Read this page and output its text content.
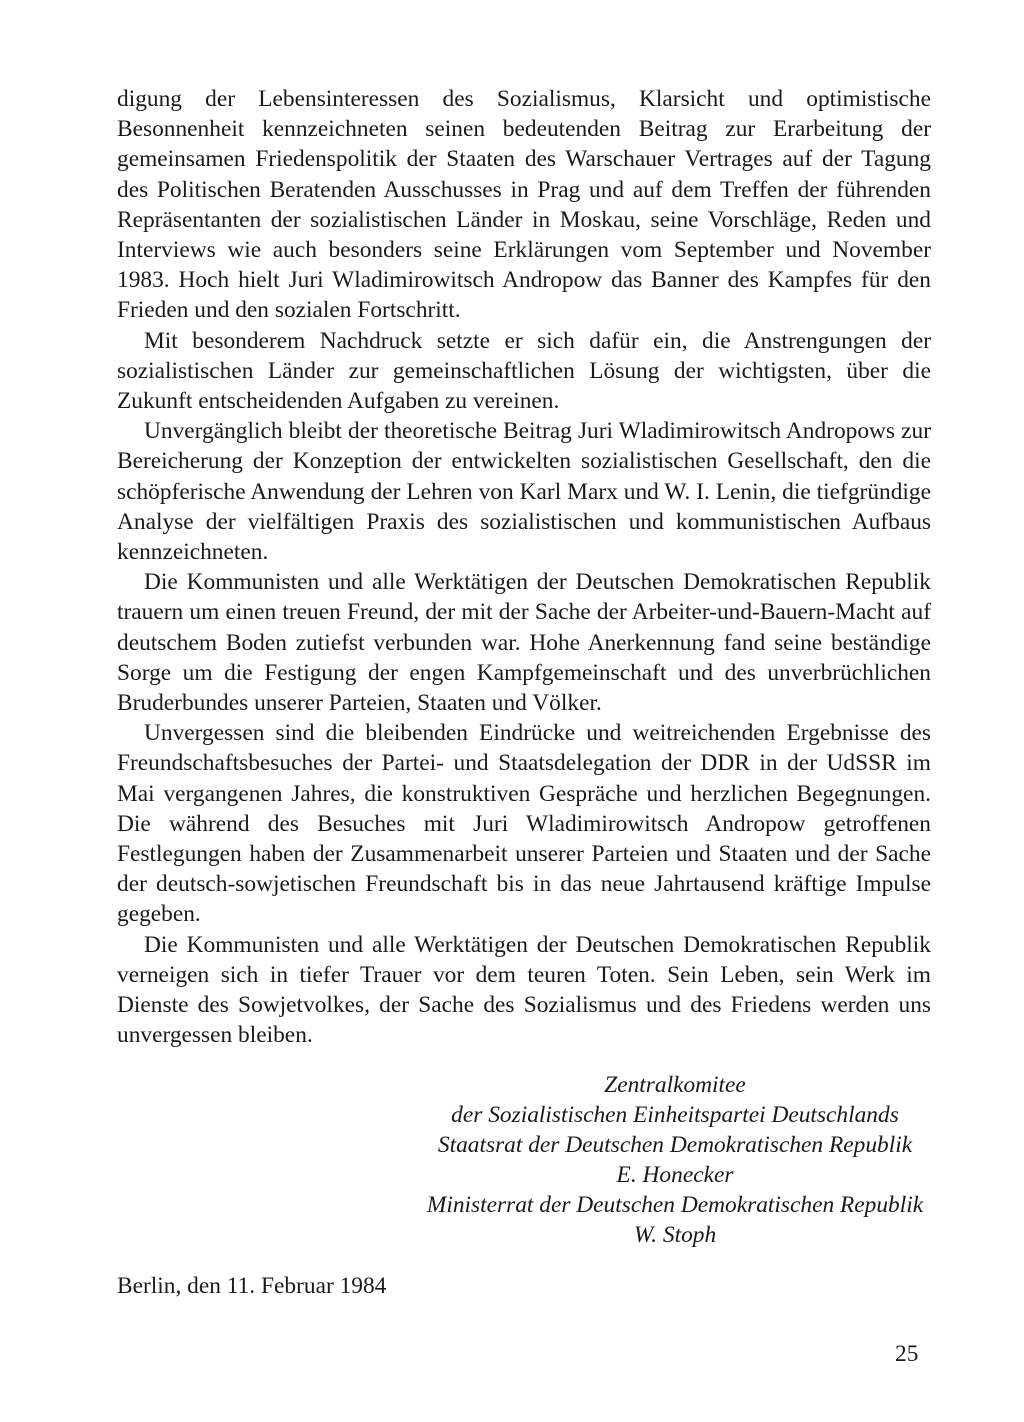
digung der Lebensinteressen des Sozialismus, Klarsicht und optimistische Besonnenheit kennzeichneten seinen bedeutenden Beitrag zur Erarbeitung der gemeinsamen Friedenspolitik der Staaten des Warschauer Vertrages auf der Tagung des Politischen Beratenden Ausschusses in Prag und auf dem Treffen der führenden Repräsentanten der sozialistischen Länder in Moskau, seine Vorschläge, Reden und Interviews wie auch besonders seine Erklärungen vom September und November 1983. Hoch hielt Juri Wladimirowitsch Andropow das Banner des Kampfes für den Frieden und den sozialen Fortschritt.

Mit besonderem Nachdruck setzte er sich dafür ein, die Anstrengungen der sozialistischen Länder zur gemeinschaftlichen Lösung der wichtigsten, über die Zukunft entscheidenden Aufgaben zu vereinen.

Unvergänglich bleibt der theoretische Beitrag Juri Wladimirowitsch Andropows zur Bereicherung der Konzeption der entwickelten sozialistischen Gesellschaft, den die schöpferische Anwendung der Lehren von Karl Marx und W. I. Lenin, die tiefgründige Analyse der vielfältigen Praxis des sozialistischen und kommunistischen Aufbaus kennzeichneten.

Die Kommunisten und alle Werktätigen der Deutschen Demokratischen Republik trauern um einen treuen Freund, der mit der Sache der Arbeiter-und-Bauern-Macht auf deutschem Boden zutiefst verbunden war. Hohe Anerkennung fand seine beständige Sorge um die Festigung der engen Kampfgemeinschaft und des unverbrüchlichen Bruderbundes unserer Parteien, Staaten und Völker.

Unvergessen sind die bleibenden Eindrücke und weitreichenden Ergebnisse des Freundschaftsbesuches der Partei- und Staatsdelegation der DDR in der UdSSR im Mai vergangenen Jahres, die konstruktiven Gespräche und herzlichen Begegnungen. Die während des Besuches mit Juri Wladimirowitsch Andropow getroffenen Festlegungen haben der Zusammenarbeit unserer Parteien und Staaten und der Sache der deutsch-sowjetischen Freundschaft bis in das neue Jahrtausend kräftige Impulse gegeben.

Die Kommunisten und alle Werktätigen der Deutschen Demokratischen Republik verneigen sich in tiefer Trauer vor dem teuren Toten. Sein Leben, sein Werk im Dienste des Sowjetvolkes, der Sache des Sozialismus und des Friedens werden uns unvergessen bleiben.

Zentralkomitee
der Sozialistischen Einheitspartei Deutschlands
Staatsrat der Deutschen Demokratischen Republik
E. Honecker
Ministerrat der Deutschen Demokratischen Republik
W. Stoph
Berlin, den 11. Februar 1984
25
